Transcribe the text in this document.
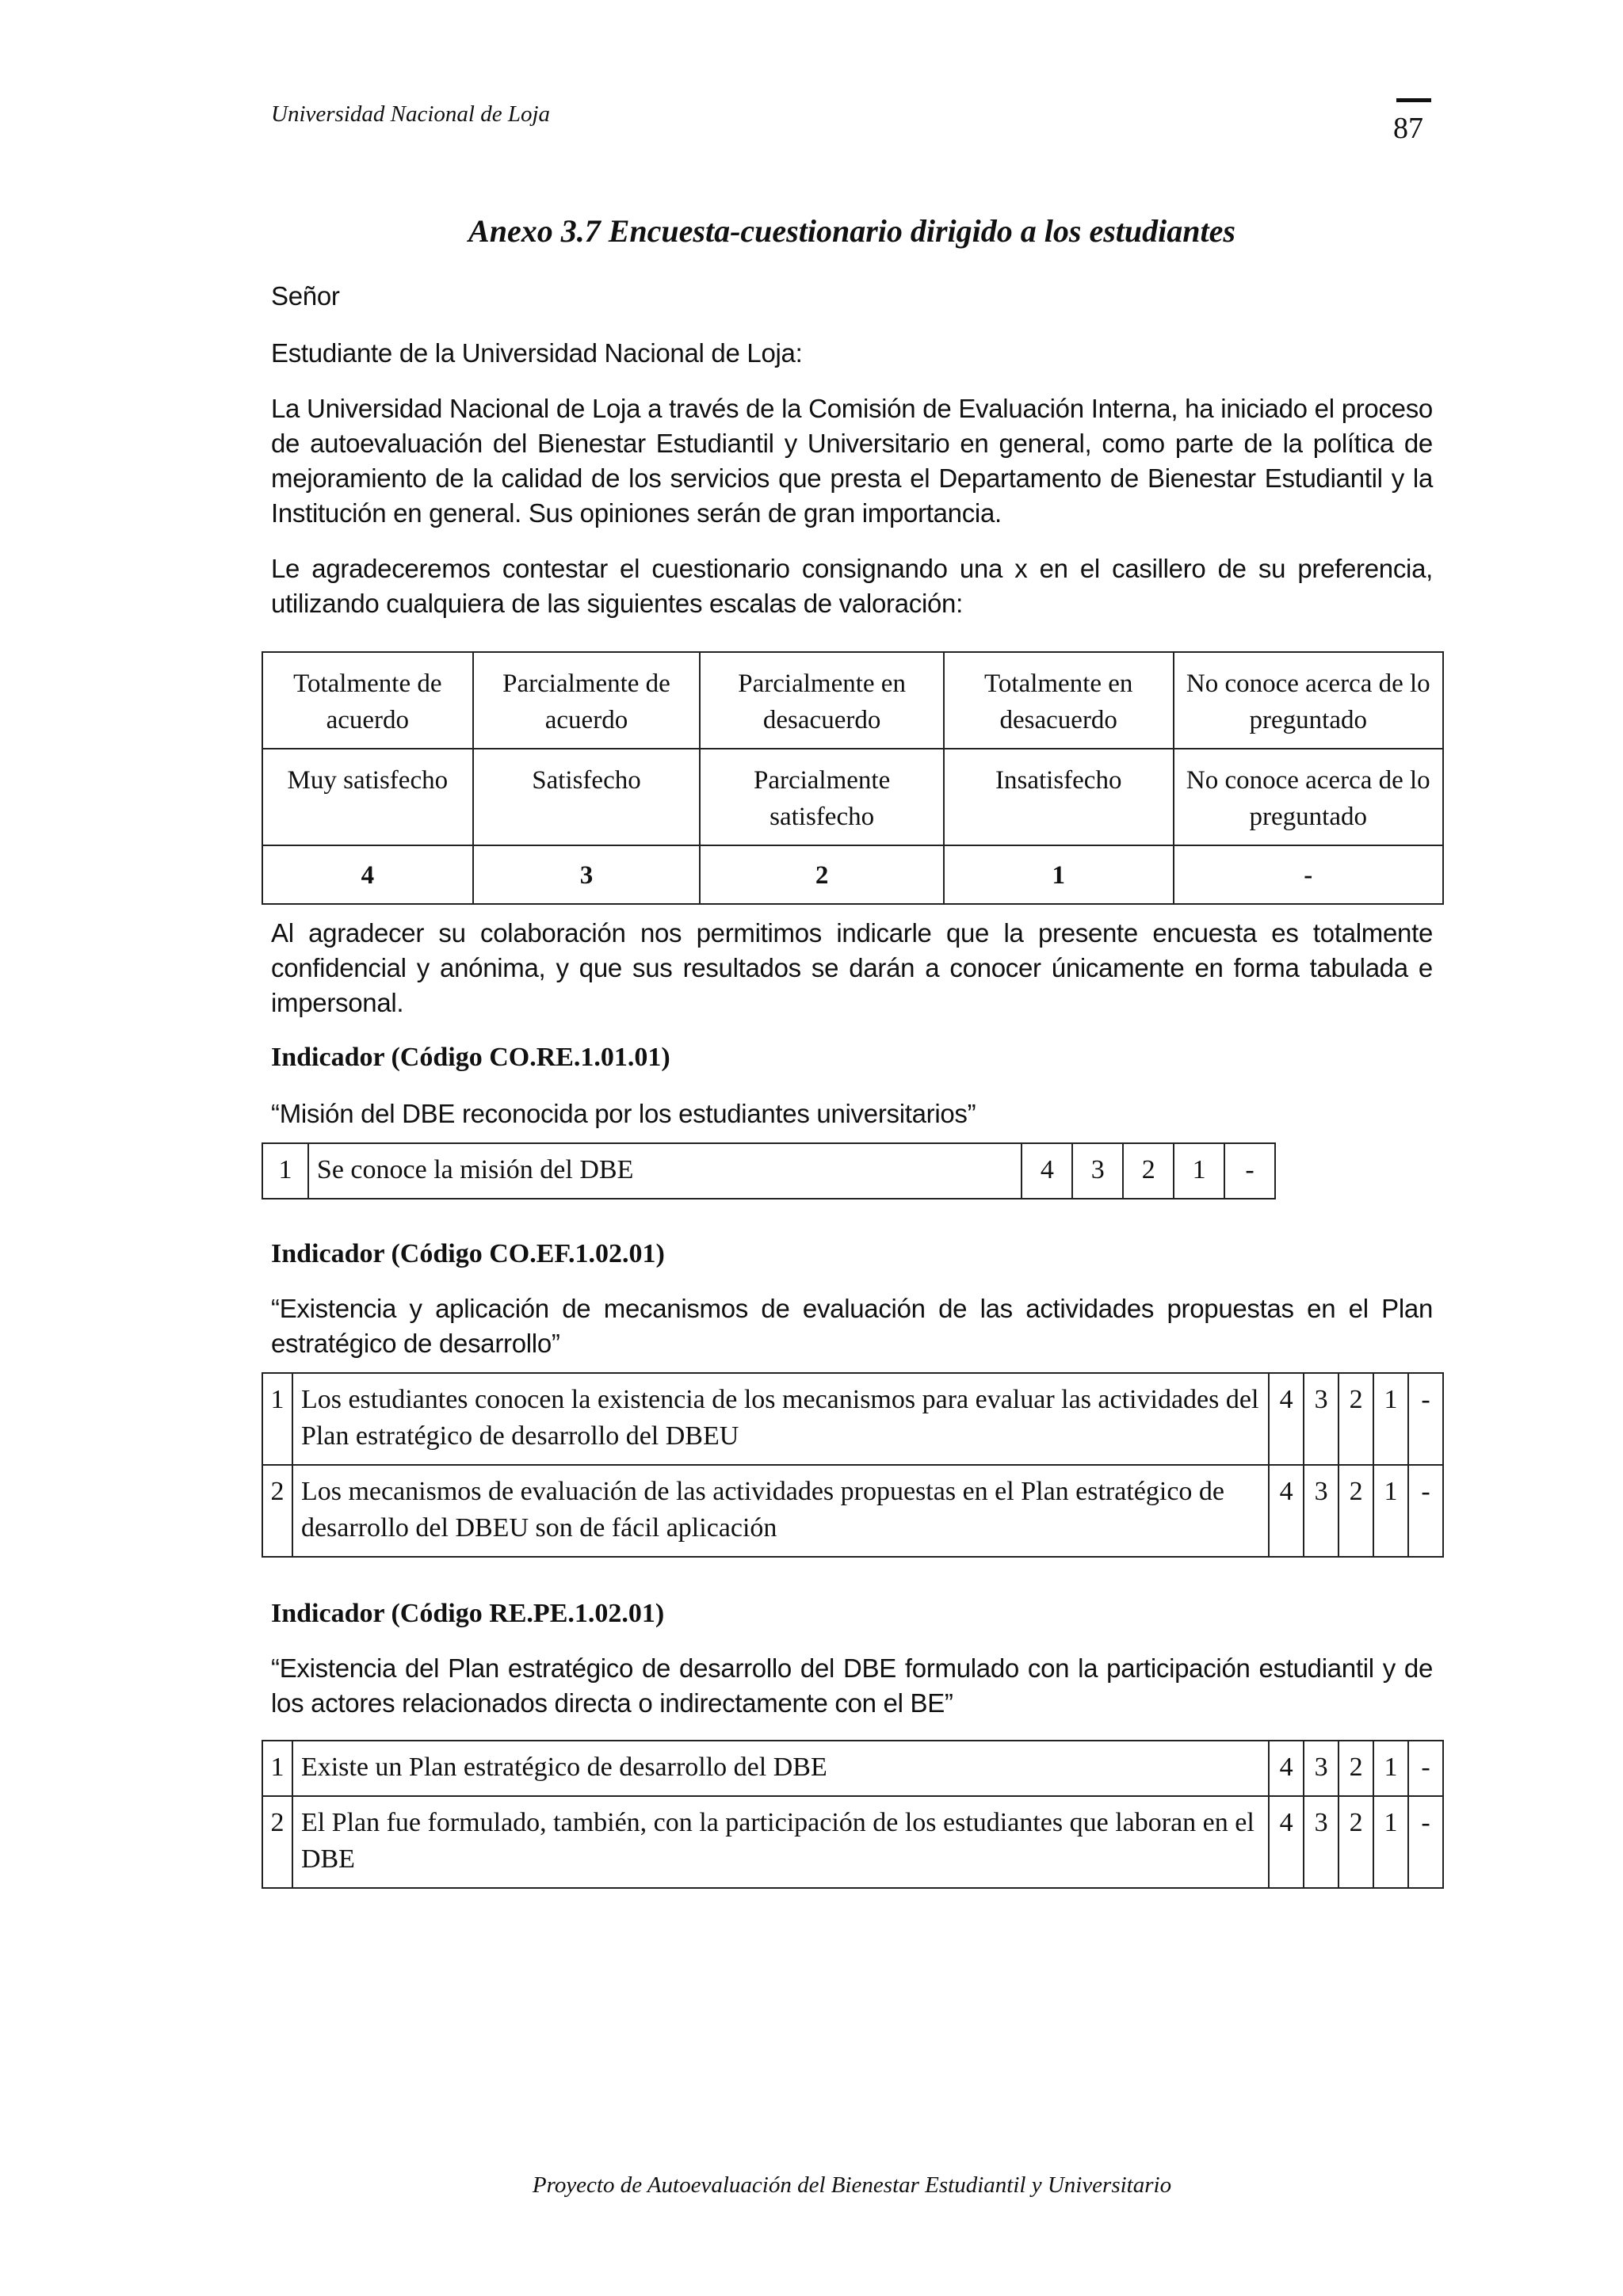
Universidad Nacional de Loja	87
Anexo 3.7 Encuesta-cuestionario dirigido a los estudiantes
Señor
Estudiante de la Universidad Nacional de Loja:
La Universidad Nacional de Loja a través de la Comisión de Evaluación Interna, ha iniciado el proceso de autoevaluación del Bienestar Estudiantil y Universitario en general, como parte de la política de mejoramiento de la calidad de los servicios que presta el Departamento de Bienestar Estudiantil y la Institución en general. Sus opiniones serán de gran importancia.
Le agradeceremos contestar el cuestionario consignando una x en el casillero de su preferencia, utilizando cualquiera de las siguientes escalas de valoración:
Totalmente de acuerdo	Parcialmente de acuerdo	Parcialmente en desacuerdo	Totalmente en desacuerdo	No conoce acerca de lo preguntado
Muy satisfecho	Satisfecho	Parcialmente satisfecho	Insatisfecho	No conoce acerca de lo preguntado
4	3	2	1	-
Al agradecer su colaboración nos permitimos indicarle que la presente encuesta es totalmente confidencial y anónima, y que sus resultados se darán a conocer únicamente en forma tabulada e impersonal.
Indicador (Código CO.RE.1.01.01)
“Misión del DBE reconocida por los estudiantes universitarios”
1	Se conoce la misión del DBE	4	3	2	1	-
Indicador (Código CO.EF.1.02.01)
“Existencia y aplicación de mecanismos de evaluación de las actividades propuestas en el Plan estratégico de desarrollo”
1	Los estudiantes conocen la existencia de los mecanismos para evaluar las actividades del Plan estratégico de desarrollo del DBEU	4	3	2	1	-
2	Los mecanismos de evaluación de las actividades propuestas en el Plan estratégico de desarrollo del DBEU son de fácil aplicación	4	3	2	1	-
Indicador (Código RE.PE.1.02.01)
“Existencia del Plan estratégico de desarrollo del DBE formulado con la participación estudiantil y de los actores relacionados directa o indirectamente con el BE”
1	Existe un Plan estratégico de desarrollo del DBE	4	3	2	1	-
2	El Plan fue formulado, también, con la participación de los estudiantes que laboran en el DBE	4	3	2	1	-
Proyecto de Autoevaluación del Bienestar Estudiantil y Universitario
